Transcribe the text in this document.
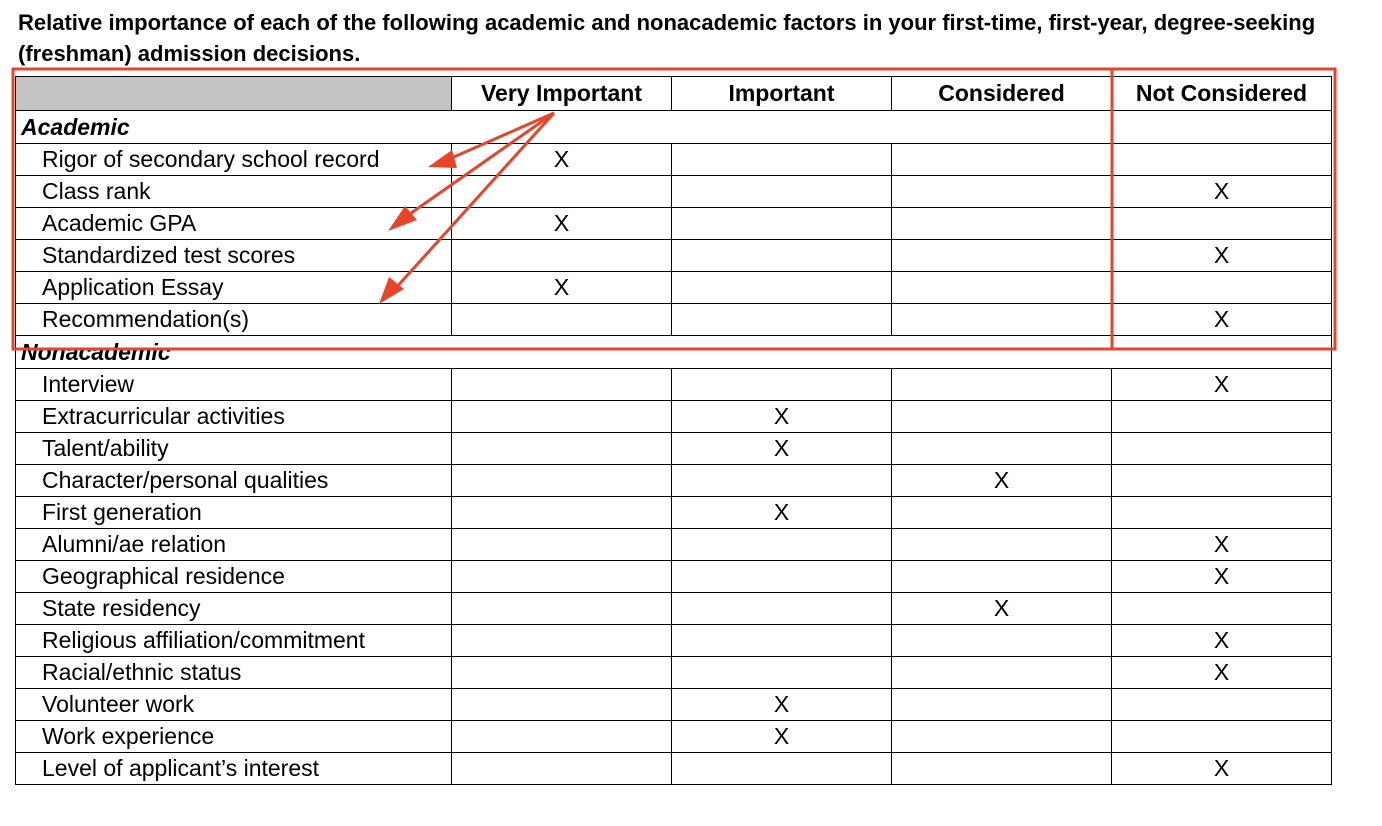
Relative importance of each of the following academic and nonacademic factors in your first-time, first-year, degree-seeking (freshman) admission decisions.

	Very Important	Important	Considered	Not Considered
Academic				
Rigor of secondary school record	X			
Class rank				X
Academic GPA	X			
Standardized test scores				X
Application Essay	X			
Recommendation(s)				X
Nonacademic				
Interview				X
Extracurricular activities		X		
Talent/ability		X		
Character/personal qualities			X	
First generation		X		
Alumni/ae relation				X
Geographical residence				X
State residency			X	
Religious affiliation/commitment				X
Racial/ethnic status				X
Volunteer work		X		
Work experience		X		
Level of applicant’s interest				X
